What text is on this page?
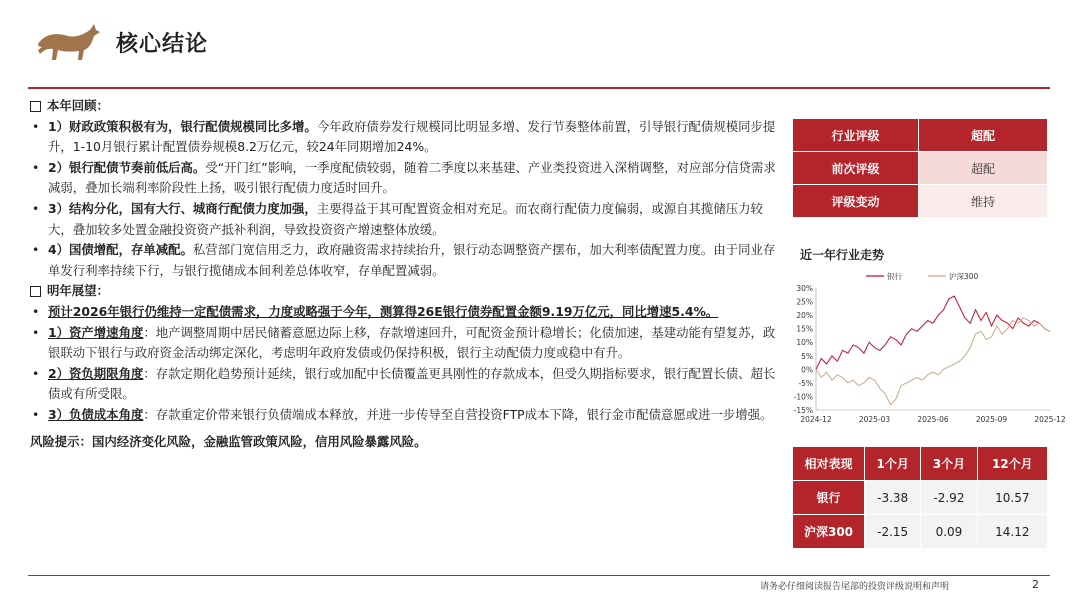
核心结论
本年回顾：
• 1）财政政策积极有为，银行配债规模同比多增。今年政府债券发行规模同比明显多增、发行节奏整体前置，引导银行配债规模同步提升，1-10月银行累计配置债券规模8.2万亿元，较24年同期增加24%。
• 2）银行配债节奏前低后高。受“开门红”影响，一季度配债较弱，随着二季度以来基建、产业类投资进入深梢调整，对应部分信贷需求减弱，叠加长端利率阶段性上扬，吸引银行配债力度适时回升。
• 3）结构分化，国有大行、城商行配债力度加强，主要得益于其可配置资金相对充足。而农商行配债力度偏弱，或源自其揽储压力较大，叠加较多处置金融投资资产抵补利润，导致投资资产增速整体放缓。
• 4）国债增配，存单减配。私营部门宽信用乏力，政府融资需求持续抬升，银行动态调整资产摆布，加大利率债配置力度。由于同业存单发行利率持续下行，与银行揽储成本间利差总体收窄，存单配置减弱。
明年展望：
• 预计2026年银行仍维持一定配债需求，力度或略强于今年，测算得26E银行债券配置金额9.19万亿元，同比增速5.4%。
• 1）资产增速角度：地产调整周期中居民储蓄意愿边际上移，存款增速回升，可配资金预计稳增长；化债加速，基建动能有望复苏，政银联动下银行与政府资金活动绑定深化，考虑明年政府发债或仍保持积极，银行主动配债力度或稳中有升。
• 2）资负期限角度：存款定期化趋势预计延续，银行或加配中长债覆盖更具刚性的存款成本，但受久期指标要求，银行配置长债、超长债或有所受限。
• 3）负债成本角度：存款重定价带来银行负债端成本释放，并进一步传导至自营投资FTP成本下降，银行金市配债意愿或进一步增强。
风险提示：国内经济变化风险，金融监管政策风险，信用风险暴露风险。
行业评级	超配
前次评级	超配
评级变动	维持
近一年行业走势
30%
25%
20%
15%
10%
5%
0%
-5%
-10%
-15%
2024-12	2025-03	2025-06	2025-09	2025-12
银行	沪深300
相对表现	1个月	3个月	12个月
银行	-3.38	-2.92	10.57
沪深300	-2.15	0.09	14.12
请务必仔细阅读报告尾部的投资评级说明和声明	2
